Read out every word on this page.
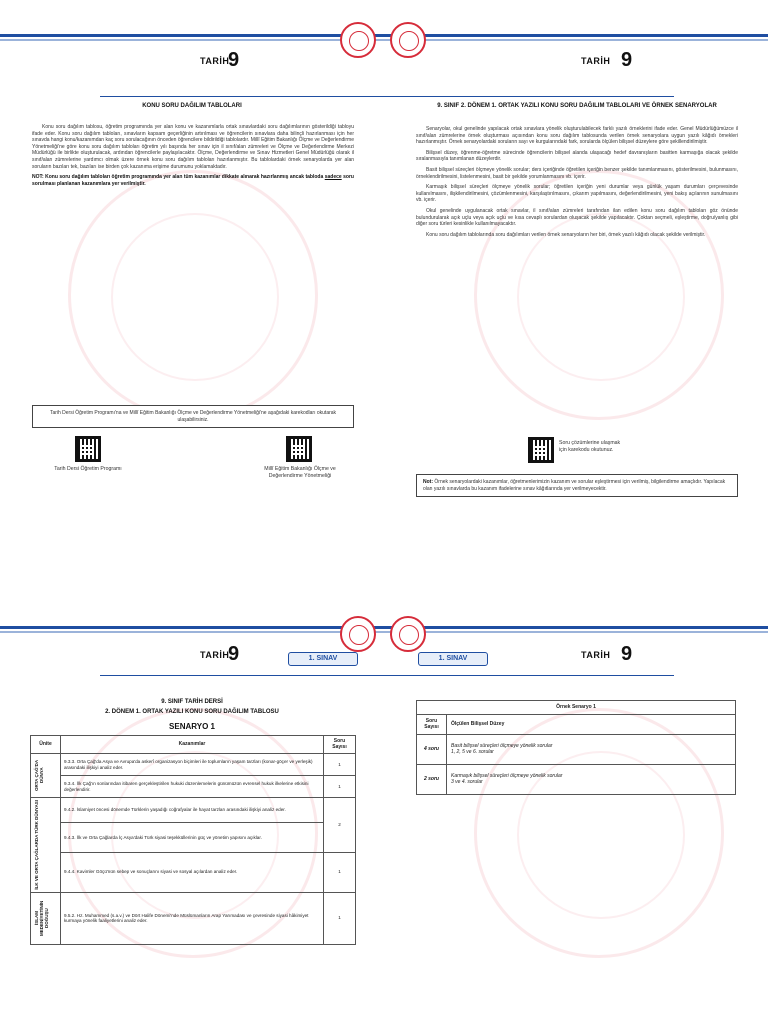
TARİH
9
KONU SORU DAĞILIM TABLOLARI

Konu soru dağılım tablosu, öğretim programında yer alan konu ve kazanımlarla ortak sınavlardaki soru dağılımlarının gösterildiği tabloyu ifade eder. Konu soru dağılım tabloları, sınavların kapsam geçerliğinin artırılması ve öğrencilerin sınavlara daha bilinçli hazırlanması için her sınavda hangi konu/kazanımdan kaç soru sorulacağının önceden öğrencilere bildirildiği tablolardır. Millî Eğitim Bakanlığı Ölçme ve Değerlendirme Yönetmeliği'ne göre konu soru dağılım tabloları öğretim yılı başında her sınav için il sınıf/alan zümreleri ve Ölçme ve Değerlendirme Merkezi Müdürlüğü ile birlikte oluşturulacak, ardından öğrencilerle paylaşılacaktır. Ölçme, Değerlendirme ve Sınav Hizmetleri Genel Müdürlüğü olarak il sınıf/alan zümrelerine yardımcı olmak üzere örnek konu soru dağılım tabloları hazırlanmıştır. Bu tablolardaki örnek senaryolarda yer alan soruların bazıları tek, bazıları ise birden çok kazanıma erişime durumunu yoklamaktadır.

NOT: Konu soru dağılım tabloları öğretim programında yer alan tüm kazanımlar dikkate alınarak hazırlanmış ancak tabloda sadece soru sorulması planlanan kazanımlara yer verilmiştir.
Tarih Dersi Öğretim Programı'na ve Millî Eğitim Bakanlığı Ölçme ve Değerlendirme Yönetmeliği'ne aşağıdaki karekodları okutarak ulaşabilirsiniz.
Tarih Dersi Öğretim Programı	Millî Eğitim Bakanlığı Ölçme ve Değerlendirme Yönetmeliği
TARİH 9
9. SINIF 2. DÖNEM 1. ORTAK YAZILI KONU SORU DAĞILIM TABLOLARI VE ÖRNEK SENARYOLAR

Senaryolar, okul genelinde yapılacak ortak sınavlara yönelik oluşturulabilecek farklı yazılı örneklerini ifade eder. Genel Müdürlüğümüzce il sınıf/alan zümrelerine örnek oluşturması açısından konu soru dağılım tablosunda verilen örnek senaryolara uygun yazılı kâğıdı örnekleri hazırlanmıştır. Örnek senaryolardaki soruların sayı ve kurgularındaki fark, sorularda ölçülen bilişsel düzeylere göre şekillendirilmiştir.

Bilişsel düzey, öğrenme-öğretme sürecinde öğrencilerin bilişsel alanda ulaşacağı hedef davranışların basitten karmaşığa olacak şekilde sıralanmasıyla tanımlanan düzeylerdir.

Basit bilişsel süreçleri ölçmeye yönelik sorular; ders içeriğinde öğretilen içeriğin benzer şekilde tanımlanmasını, gösterilmesini, bulunmasını, örneklendirilmesini, listelenmesini, basit bir şekilde yorumlanmasını vb. içerir.

Karmaşık bilişsel süreçleri ölçmeye yönelik sorular; öğretilen içeriğin yeni durumlar veya günlük yaşam durumları çerçevesinde kullanılmasını, ilişkilendirilmesini, çözümlenmesini, karşılaştırılmasını, çıkarım yapılmasını, değerlendirilmesini, yeni bakış açılarının sunulmasını vb. içerir.

Okul genelinde uygulanacak ortak sınavlar, il sınıf/alan zümreleri tarafından ilan edilen konu soru dağılım tabloları göz önünde bulundurularak açık uçlu veya açık uçlu ve kısa cevaplı sorulardan oluşacak şekilde yapılacaktır. Çoktan seçmeli, eşleştirme, doğru/yanlış gibi diğer soru türleri kesinlikle kullanılmayacaktır.

Konu soru dağılım tablolarında soru dağılımları verilen örnek senaryoların her biri, örnek yazılı kâğıdı olacak şekilde verilmiştir.

Soru çözümlerine ulaşmak için karekodu okutunuz.
Not: Örnek senaryolardaki kazanımlar, öğretmenlerimizin kazanım ve sorular eşleştirmesi için verilmiş, bilgilendirme amaçlıdır. Yapılacak olan yazılı sınavlarda bu kazanım ifadelerine sınav kâğıtlarında yer verilmeyecektir.
TARİH
9	1. SINAV
9. SINIF TARİH DERSİ
2. DÖNEM 1. ORTAK YAZILI KONU SORU DAĞILIM TABLOSU
SENARYO 1
Ünite	Kazanımlar	Soru Sayısı

ORTA ÇAĞ'DA DÜNYA	9.3.3. Orta Çağ'da Asya ve Avrupa'da askerî organizasyon biçimleri ile toplumların yaşam tarzları (konar-göçer ve yerleşik) arasındaki ilişkiyi analiz eder.	1
	9.3.4. İlk Çağ'ın sonlarından itibaren gerçekleştirilen hukuki düzenlemelerin günümüzün evrensel hukuk ilkelerine etkisini değerlendirir.	1

İLK VE ORTA ÇAĞLARDA TÜRK DÜNYASI	9.4.2. İslamiyet öncesi dönemde Türklerin yaşadığı coğrafyalar ile hayat tarzları arasındaki ilişkiyi analiz eder.	2
	9.4.3. İlk ve Orta Çağlarda İç Asya'daki Türk siyasi teşekküllerinin güç ve yönetim yapısını açıklar.	
	9.4.4. Kavimler Göçü'nün sebep ve sonuçlarını siyasi ve sosyal açılardan analiz eder.	1

İSLAM MEDENİYETİNİN DOĞUŞU	9.5.2. Hz. Muhammed (s.a.v.) ve Dört Halife Dönemi'nde Müslümanların Arap Yarımadası ve çevresinde siyasi hâkimiyet kurmaya yönelik faaliyetlerini analiz eder.	1
1. SINAV	TARİH 9
Örnek Senaryo 1	
Soru Sayısı	Ölçülen Bilişsel Düzey
4 soru	Basit bilişsel süreçleri ölçmeye yönelik sorular
1, 2, 5 ve 6. sorular

2 soru	Karmaşık bilişsel süreçleri ölçmeye yönelik sorular
3 ve 4. sorular
